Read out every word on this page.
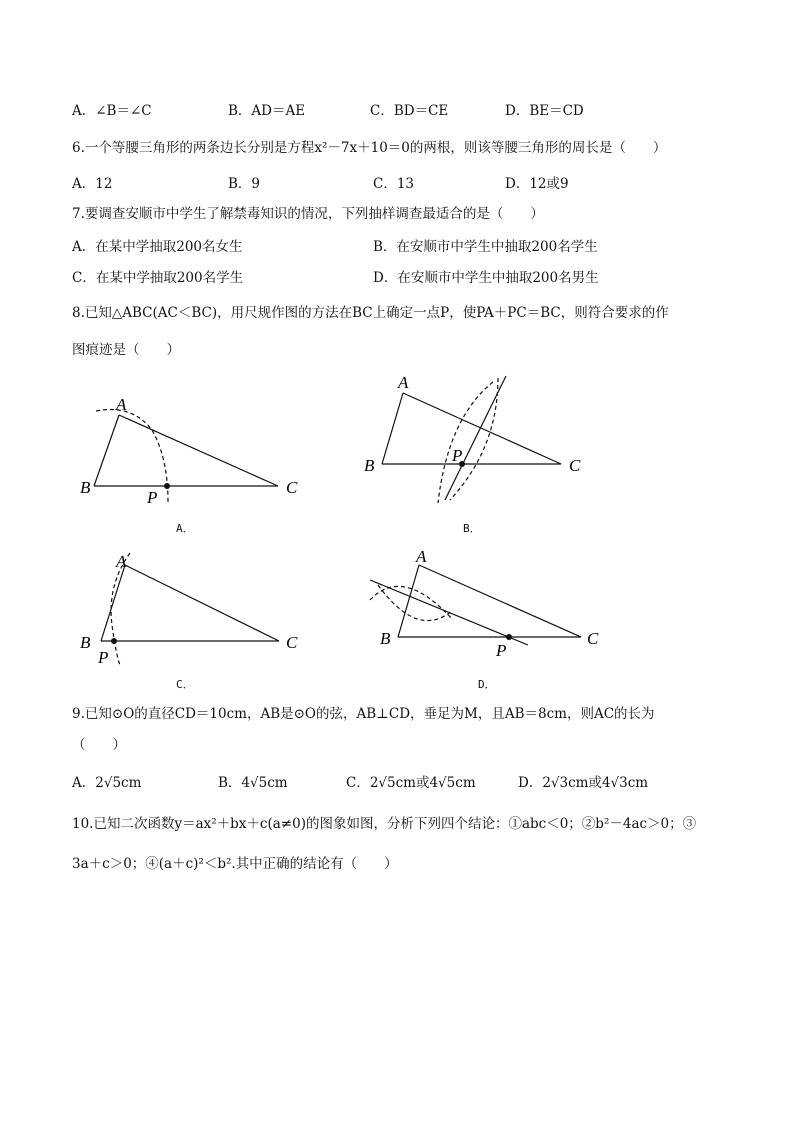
A．∠B＝∠C	B．AD＝AE	C．BD＝CE	D．BE＝CD
6.一个等腰三角形的两条边长分别是方程x²－7x＋10＝0的两根，则该等腰三角形的周长是（　　）
A．12	B．9	C．13	D．12或9
7.要调查安顺市中学生了解禁毒知识的情况，下列抽样调查最适合的是（　　）
A．在某中学抽取200名女生	B．在安顺市中学生中抽取200名学生
C．在某中学抽取200名学生	D．在安顺市中学生中抽取200名男生
8.已知△ABC(AC＜BC)，用尺规作图的方法在BC上确定一点P，使PA＋PC＝BC，则符合要求的作
图痕迹是（　　）
A
B	C
P
A．
A
B	C
P
B．
A
B	C
P
C．
A
B	C
P
D．
9.已知⊙O的直径CD＝10cm，AB是⊙O的弦，AB⊥CD，垂足为M，且AB＝8cm，则AC的长为
（　　）
A．2√5cm	B．4√5cm	C．2√5cm或4√5cm	D．2√3cm或4√3cm
10.已知二次函数y＝ax²＋bx＋c(a≠0)的图象如图，分析下列四个结论：①abc＜0；②b²－4ac＞0；③
3a＋c＞0；④(a＋c)²＜b².其中正确的结论有（　　）
